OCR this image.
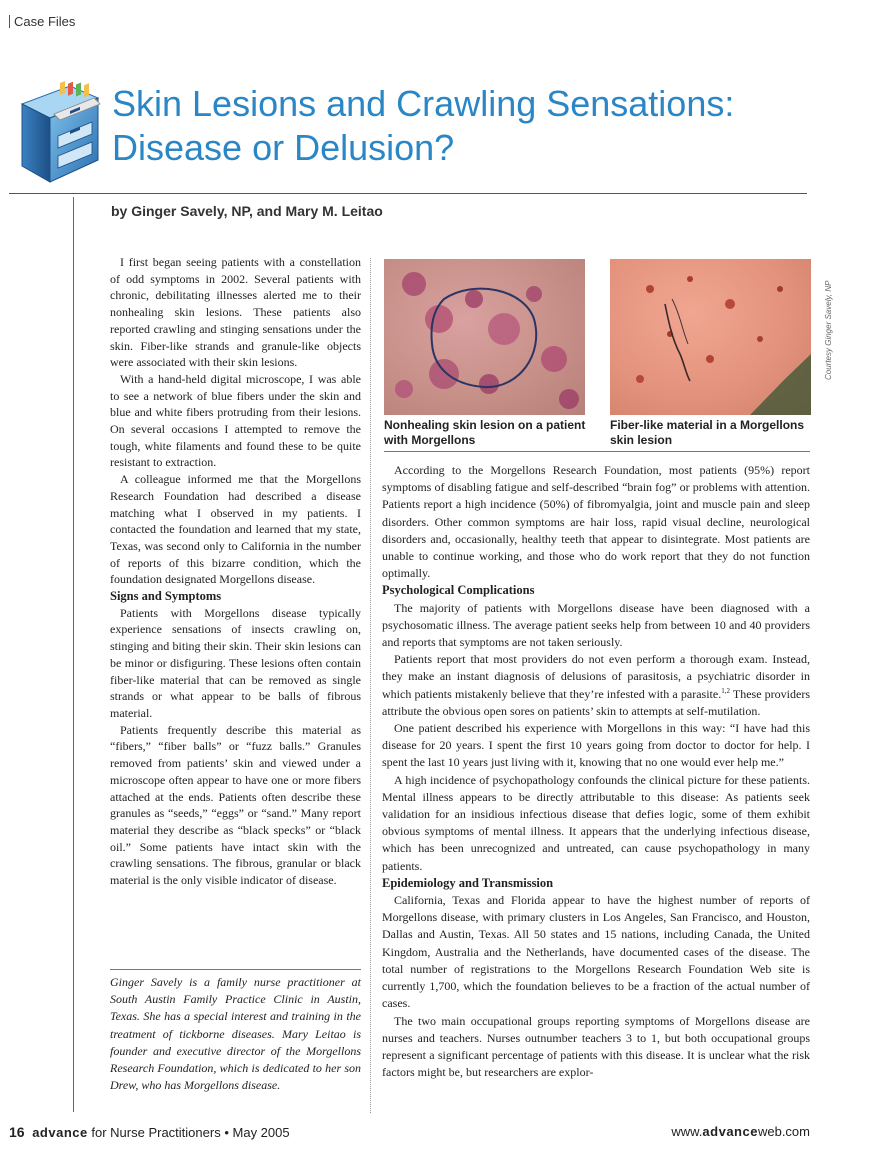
Case Files
Skin Lesions and Crawling Sensations: Disease or Delusion?
by Ginger Savely, NP, and Mary M. Leitao

I first began seeing patients with a constellation of odd symptoms in 2002. Several patients with chronic, debilitating illnesses alerted me to their nonhealing skin lesions. These patients also reported crawling and stinging sensations under the skin. Fiber-like strands and granule-like objects were associated with their skin lesions.

With a hand-held digital microscope, I was able to see a network of blue fibers under the skin and blue and white fibers protruding from their lesions. On several occasions I attempted to remove the tough, white filaments and found these to be quite resistant to extraction.

A colleague informed me that the Morgellons Research Foundation had described a disease matching what I observed in my patients. I contacted the foundation and learned that my state, Texas, was second only to California in the number of reports of this bizarre condition, which the foundation designated Morgellons disease.

Signs and Symptoms

Patients with Morgellons disease typically experience sensations of insects crawling on, stinging and biting their skin. Their skin lesions can be minor or disfiguring. These lesions often contain fiber-like material that can be removed as single strands or what appear to be balls of fibrous material.

Patients frequently describe this material as “fibers,” “fiber balls” or “fuzz balls.” Granules removed from patients’ skin and viewed under a microscope often appear to have one or more fibers attached at the ends. Patients often describe these granules as “seeds,” “eggs” or “sand.” Many report material they describe as “black specks” or “black oil.” Some patients have intact skin with the crawling sensations. The fibrous, granular or black material is the only visible indicator of disease.

Ginger Savely is a family nurse practitioner at South Austin Family Practice Clinic in Austin, Texas. She has a special interest and training in the treatment of tickborne diseases. Mary Leitao is founder and executive director of the Morgellons Research Foundation, which is dedicated to her son Drew, who has Morgellons disease.

Courtesy Ginger Savely, NP
Nonhealing skin lesion on a patient with Morgellons
Fiber-like material in a Morgellons skin lesion

According to the Morgellons Research Foundation, most patients (95%) report symptoms of disabling fatigue and self-described “brain fog” or problems with attention. Patients report a high incidence (50%) of fibromyalgia, joint and muscle pain and sleep disorders. Other common symptoms are hair loss, rapid visual decline, neurological disorders and, occasionally, healthy teeth that appear to disintegrate. Most patients are unable to continue working, and those who do work report that they do not function optimally.

Psychological Complications

The majority of patients with Morgellons disease have been diagnosed with a psychosomatic illness. The average patient seeks help from between 10 and 40 providers and reports that symptoms are not taken seriously.

Patients report that most providers do not even perform a thorough exam. Instead, they make an instant diagnosis of delusions of parasitosis, a psychiatric disorder in which patients mistakenly believe that they’re infested with a parasite.$^{1,2}$ These providers attribute the obvious open sores on patients’ skin to attempts at self-mutilation.

One patient described his experience with Morgellons in this way: “I have had this disease for 20 years. I spent the first 10 years going from doctor to doctor for help. I spent the last 10 years just living with it, knowing that no one would ever help me.”

A high incidence of psychopathology confounds the clinical picture for these patients. Mental illness appears to be directly attributable to this disease: As patients seek validation for an insidious infectious disease that defies logic, some of them exhibit obvious symptoms of mental illness. It appears that the underlying infectious disease, which has been unrecognized and untreated, can cause psychopathology in many patients.

Epidemiology and Transmission

California, Texas and Florida appear to have the highest number of reports of Morgellons disease, with primary clusters in Los Angeles, San Francisco, and Houston, Dallas and Austin, Texas. All 50 states and 15 nations, including Canada, the United Kingdom, Australia and the Netherlands, have documented cases of the disease. The total number of registrations to the Morgellons Research Foundation Web site is currently 1,700, which the foundation believes to be a fraction of the actual number of cases.

The two main occupational groups reporting symptoms of Morgellons disease are nurses and teachers. Nurses outnumber teachers 3 to 1, but both occupational groups represent a significant percentage of patients with this disease. It is unclear what the risk factors might be, but researchers are explor-

16 advance for Nurse Practitioners • May 2005	www.advanceweb.com
